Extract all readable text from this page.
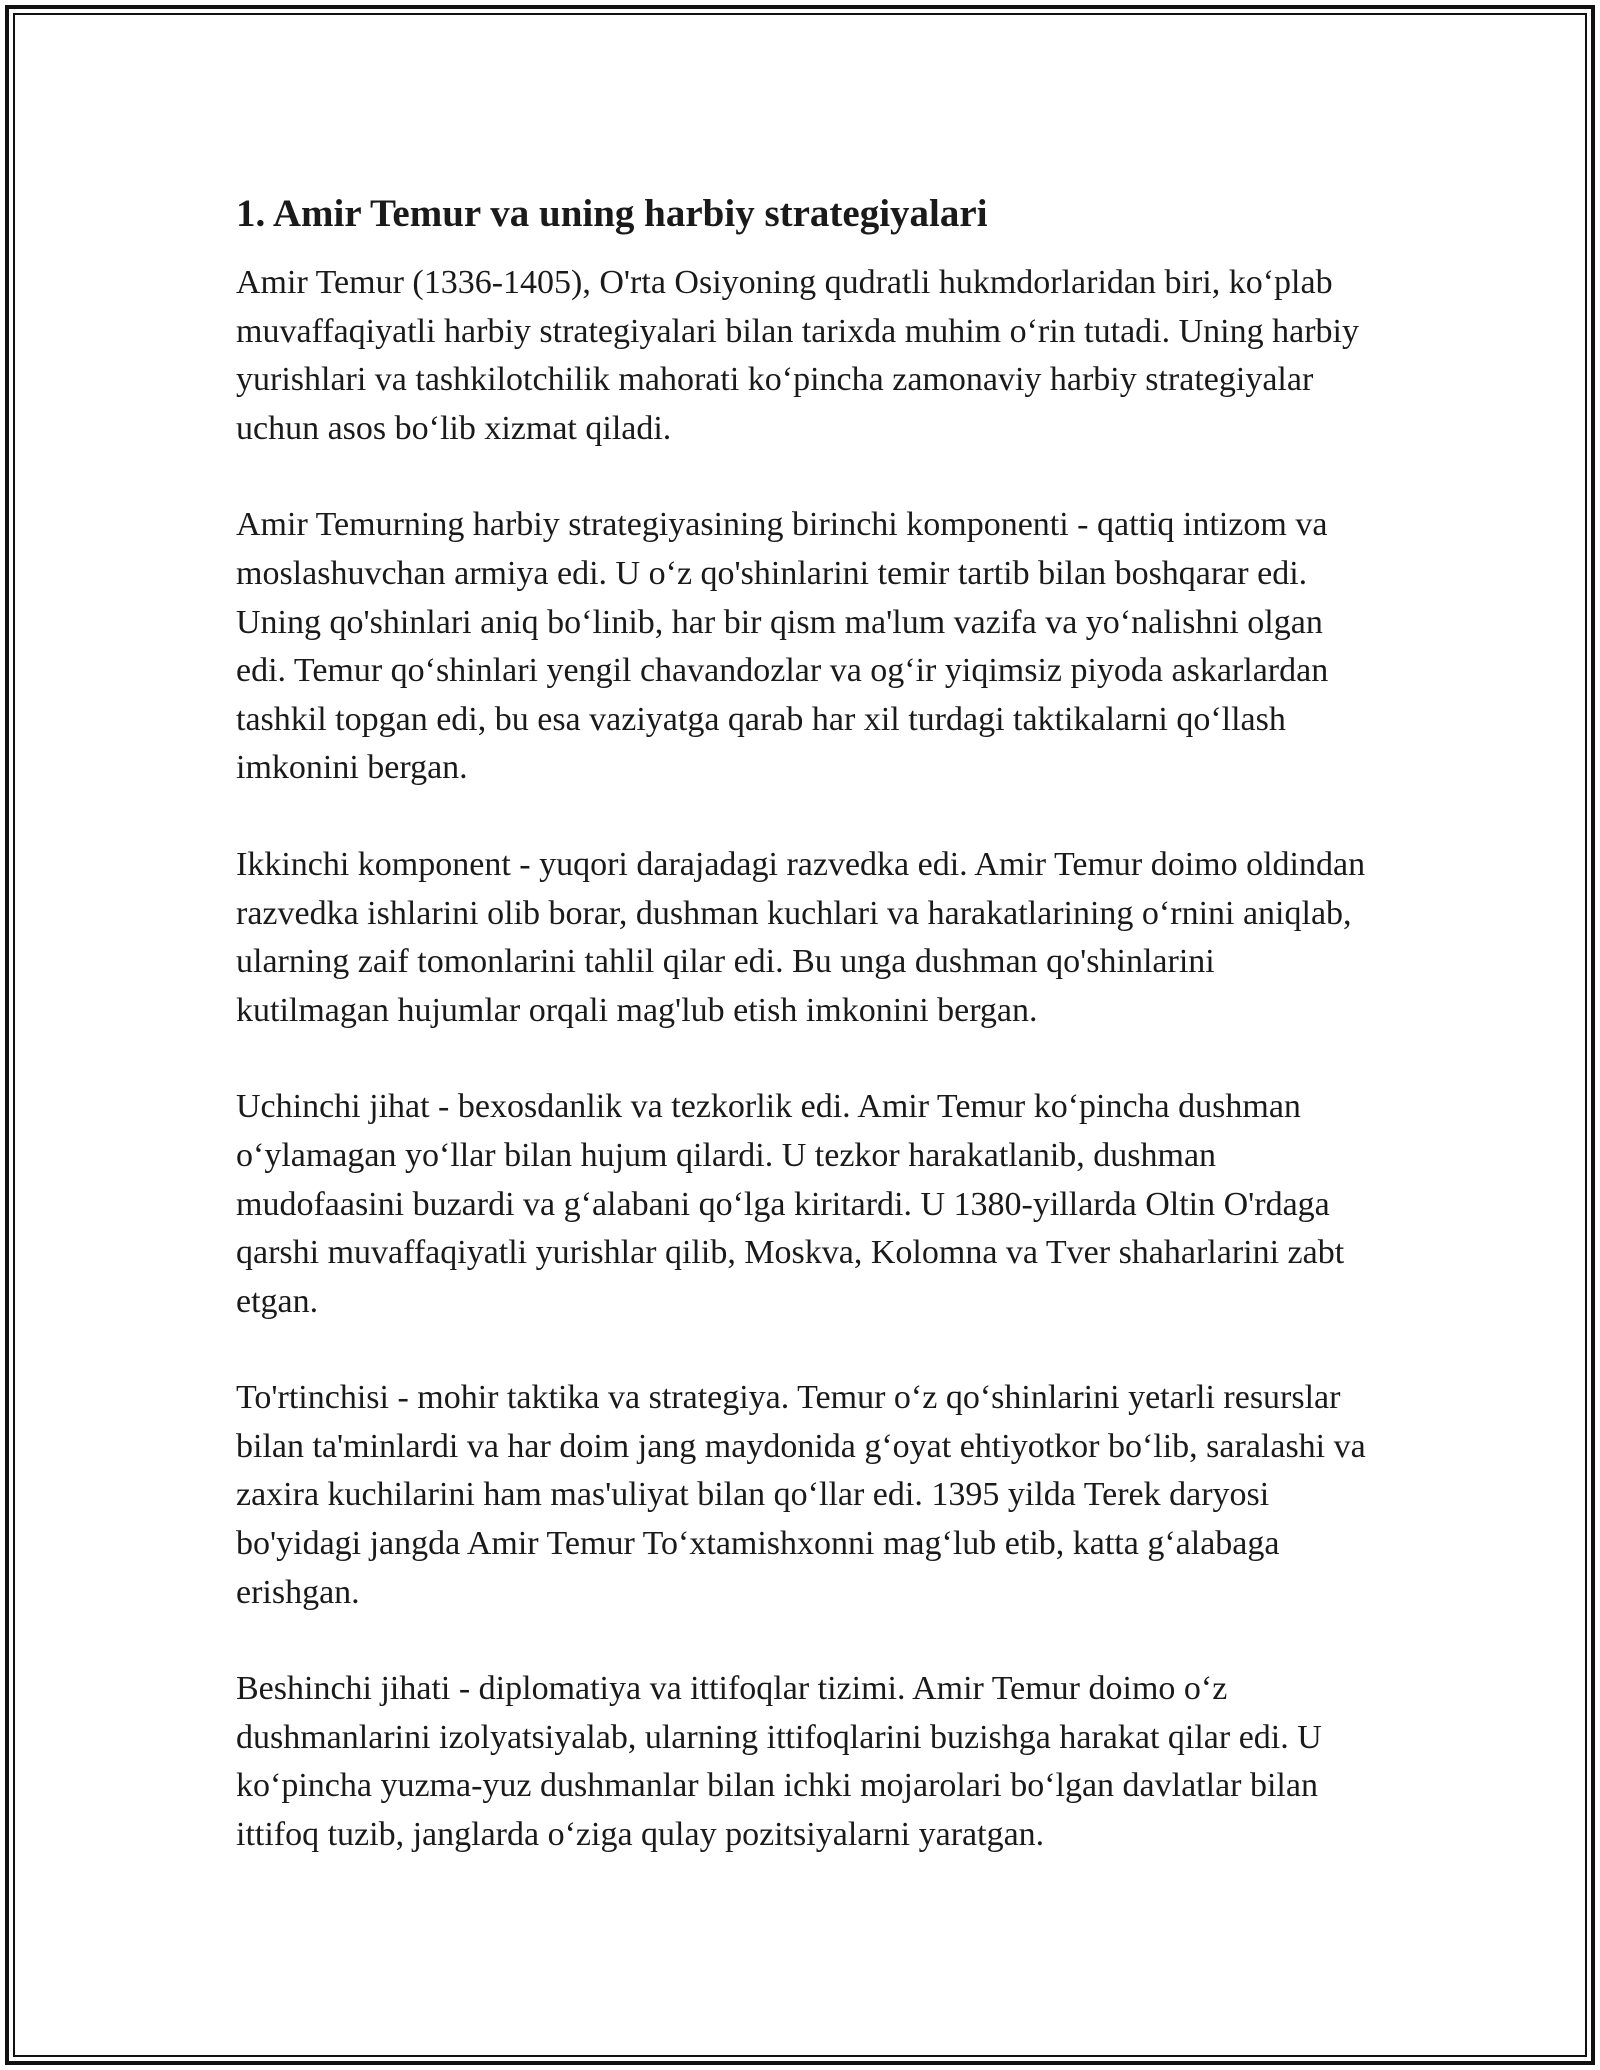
1. Amir Temur va uning harbiy strategiyalari

Amir Temur (1336-1405), O'rta Osiyoning qudratli hukmdorlaridan biri, ko‘plab muvaffaqiyatli harbiy strategiyalari bilan tarixda muhim o‘rin tutadi. Uning harbiy yurishlari va tashkilotchilik mahorati ko‘pincha zamonaviy harbiy strategiyalar uchun asos bo‘lib xizmat qiladi.

Amir Temurning harbiy strategiyasining birinchi komponenti - qattiq intizom va moslashuvchan armiya edi. U o‘z qo'shinlarini temir tartib bilan boshqarar edi. Uning qo'shinlari aniq bo‘linib, har bir qism ma'lum vazifa va yo‘nalishni olgan edi. Temur qo‘shinlari yengil chavandozlar va og‘ir yiqimsiz piyoda askarlardan tashkil topgan edi, bu esa vaziyatga qarab har xil turdagi taktikalarni qo‘llash imkonini bergan.

Ikkinchi komponent - yuqori darajadagi razvedka edi. Amir Temur doimo oldindan razvedka ishlarini olib borar, dushman kuchlari va harakatlarining o‘rnini aniqlab, ularning zaif tomonlarini tahlil qilar edi. Bu unga dushman qo'shinlarini kutilmagan hujumlar orqali mag'lub etish imkonini bergan.

Uchinchi jihat - bexosdanlik va tezkorlik edi. Amir Temur ko‘pincha dushman o‘ylamagan yo‘llar bilan hujum qilardi. U tezkor harakatlanib, dushman mudofaasini buzardi va g‘alabani qo‘lga kiritardi. U 1380-yillarda Oltin O'rdaga qarshi muvaffaqiyatli yurishlar qilib, Moskva, Kolomna va Tver shaharlarini zabt etgan.

To'rtinchisi - mohir taktika va strategiya. Temur o‘z qo‘shinlarini yetarli resurslar bilan ta'minlardi va har doim jang maydonida g‘oyat ehtiyotkor bo‘lib, saralashi va zaxira kuchilarini ham mas'uliyat bilan qo‘llar edi. 1395 yilda Terek daryosi bo'yidagi jangda Amir Temur To‘xtamishxonni mag‘lub etib, katta g‘alabaga erishgan.

Beshinchi jihati - diplomatiya va ittifoqlar tizimi. Amir Temur doimo o‘z dushmanlarini izolyatsiyalab, ularning ittifoqlarini buzishga harakat qilar edi. U ko‘pincha yuzma-yuz dushmanlar bilan ichki mojarolari bo‘lgan davlatlar bilan ittifoq tuzib, janglarda o‘ziga qulay pozitsiyalarni yaratgan.
